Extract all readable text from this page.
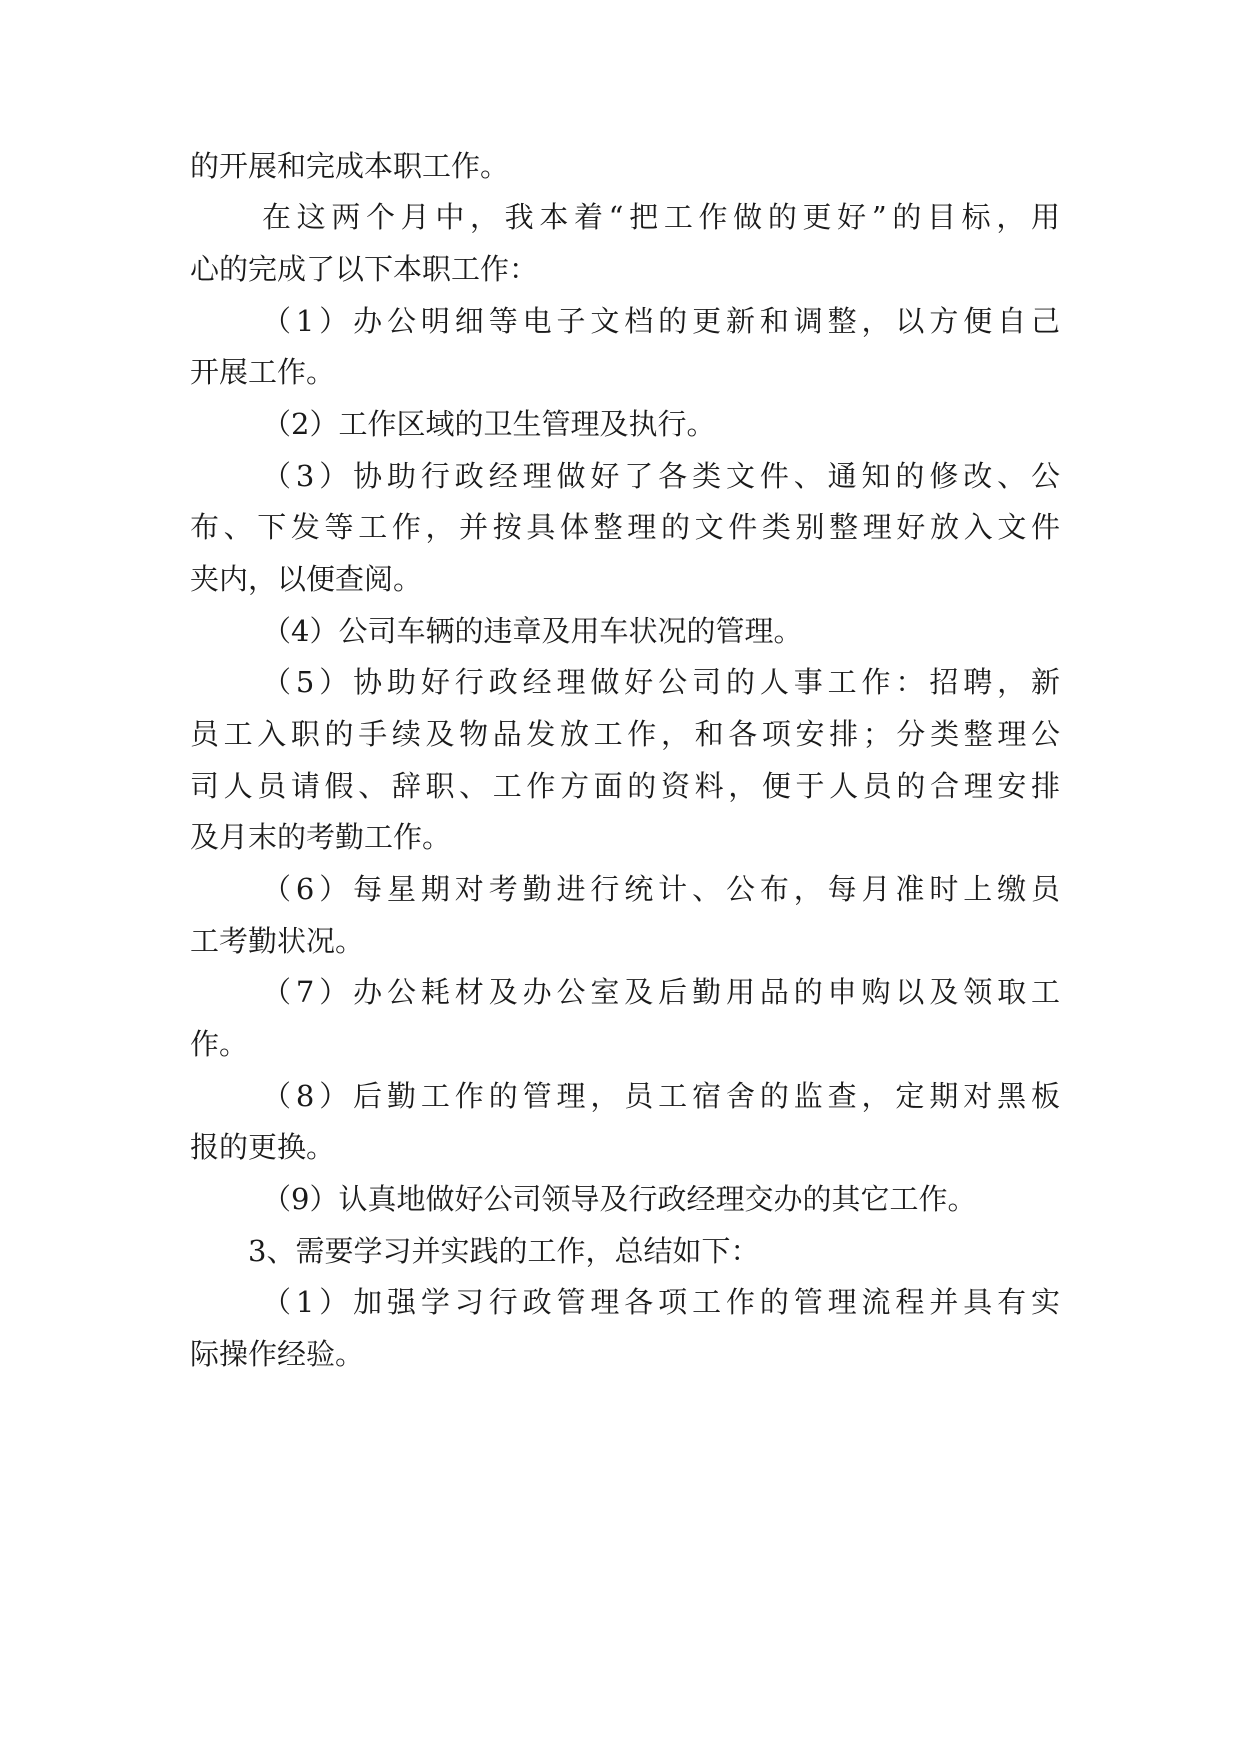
的开展和完成本职工作。
在这两个月中，我本着“把工作做的更好”的目标，用
心的完成了以下本职工作：
（1）办公明细等电子文档的更新和调整，以方便自己
开展工作。
（2）工作区域的卫生管理及执行。
（3）协助行政经理做好了各类文件、通知的修改、公
布、下发等工作，并按具体整理的文件类别整理好放入文件
夹内，以便查阅。
（4）公司车辆的违章及用车状况的管理。
（5）协助好行政经理做好公司的人事工作：招聘，新
员工入职的手续及物品发放工作，和各项安排；分类整理公
司人员请假、辞职、工作方面的资料，便于人员的合理安排
及月末的考勤工作。
（6）每星期对考勤进行统计、公布，每月准时上缴员
工考勤状况。
（7）办公耗材及办公室及后勤用品的申购以及领取工
作。
（8）后勤工作的管理，员工宿舍的监查，定期对黑板
报的更换。
（9）认真地做好公司领导及行政经理交办的其它工作。
3、需要学习并实践的工作，总结如下：
（1）加强学习行政管理各项工作的管理流程并具有实
际操作经验。
